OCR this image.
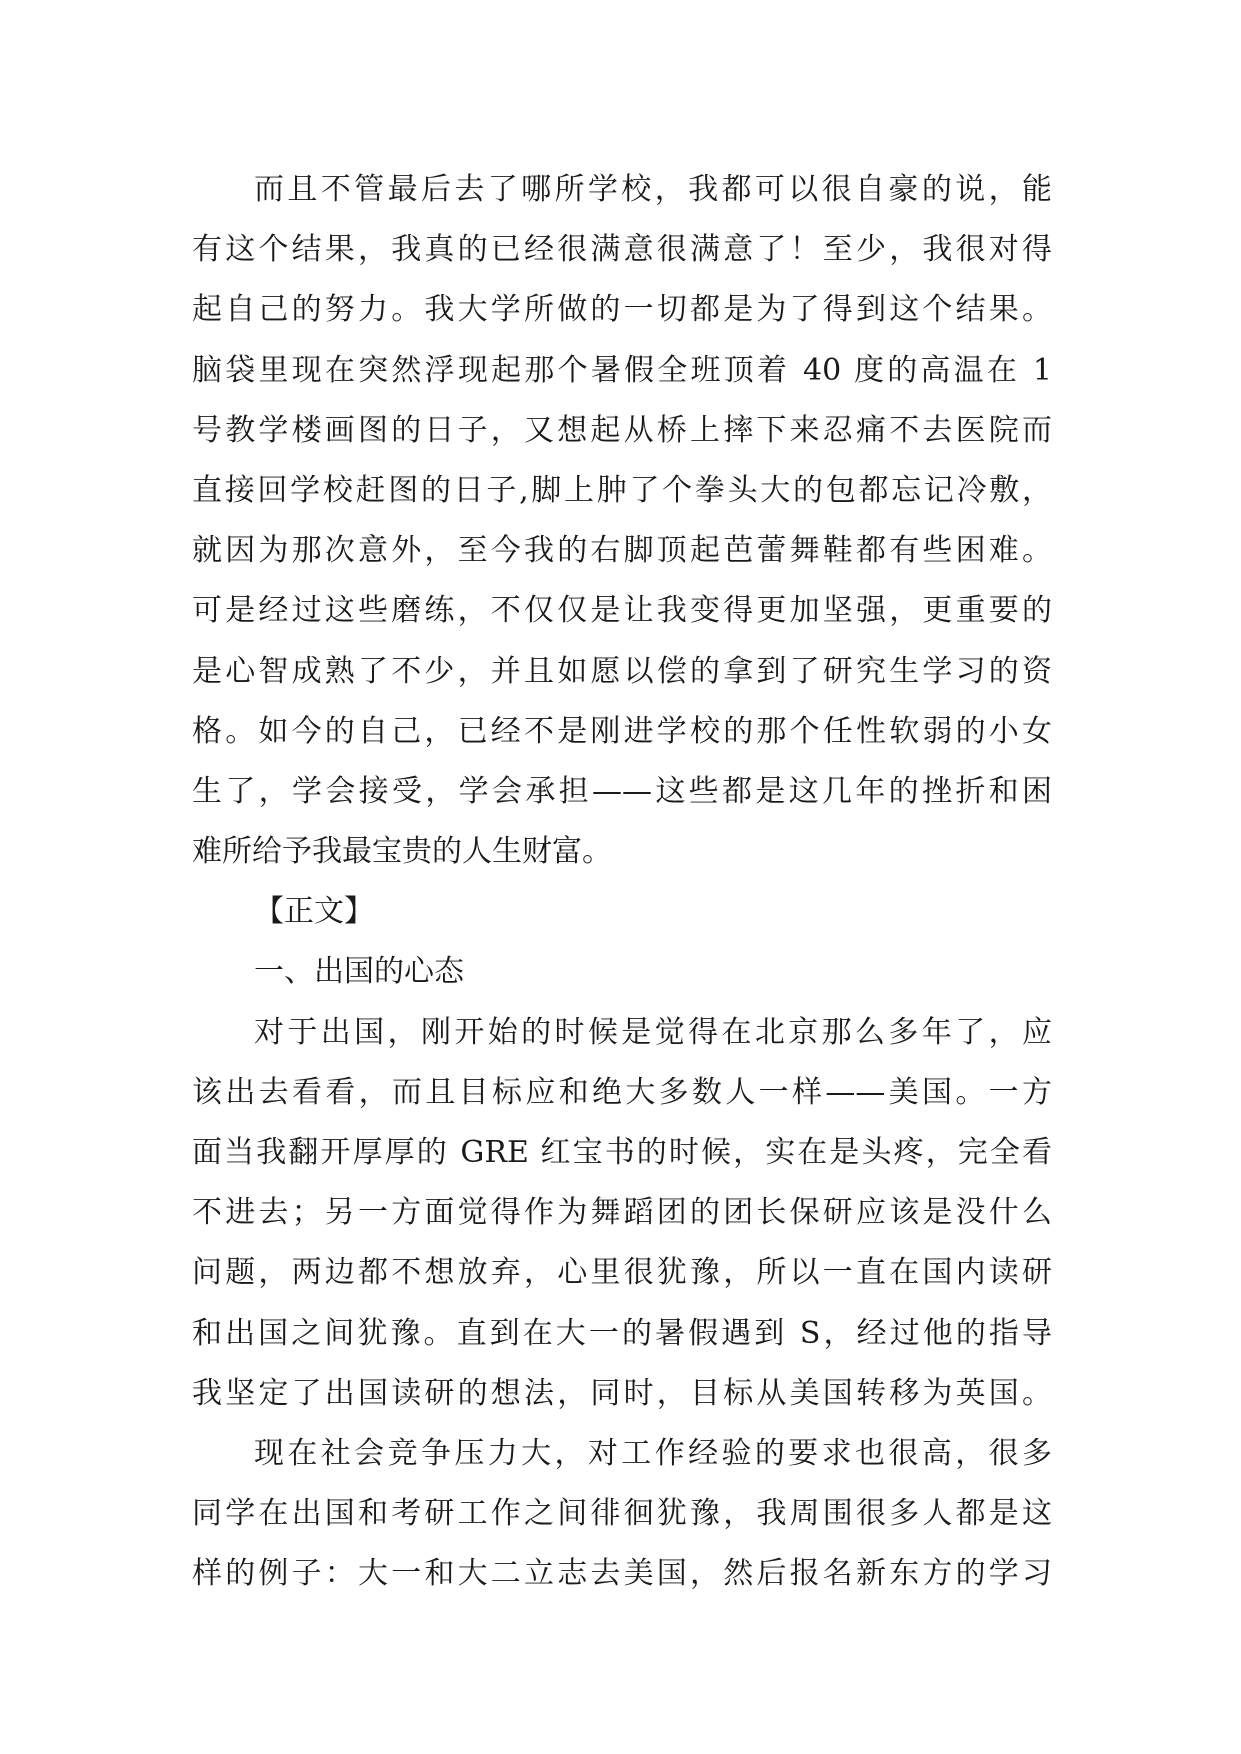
而且不管最后去了哪所学校，我都可以很自豪的说，能
有这个结果，我真的已经很满意很满意了！至少，我很对得
起自己的努力。我大学所做的一切都是为了得到这个结果。
脑袋里现在突然浮现起那个暑假全班顶着 40 度的高温在 1
号教学楼画图的日子，又想起从桥上摔下来忍痛不去医院而
直接回学校赶图的日子,脚上肿了个拳头大的包都忘记冷敷，
就因为那次意外，至今我的右脚顶起芭蕾舞鞋都有些困难。
可是经过这些磨练，不仅仅是让我变得更加坚强，更重要的
是心智成熟了不少，并且如愿以偿的拿到了研究生学习的资
格。如今的自己，已经不是刚进学校的那个任性软弱的小女
生了，学会接受，学会承担——这些都是这几年的挫折和困
难所给予我最宝贵的人生财富。
【正文】
一、出国的心态
对于出国，刚开始的时候是觉得在北京那么多年了，应
该出去看看，而且目标应和绝大多数人一样——美国。一方
面当我翻开厚厚的 GRE 红宝书的时候，实在是头疼，完全看
不进去；另一方面觉得作为舞蹈团的团长保研应该是没什么
问题，两边都不想放弃，心里很犹豫，所以一直在国内读研
和出国之间犹豫。直到在大一的暑假遇到 S，经过他的指导
我坚定了出国读研的想法，同时，目标从美国转移为英国。
现在社会竞争压力大，对工作经验的要求也很高，很多
同学在出国和考研工作之间徘徊犹豫，我周围很多人都是这
样的例子：大一和大二立志去美国，然后报名新东方的学习
